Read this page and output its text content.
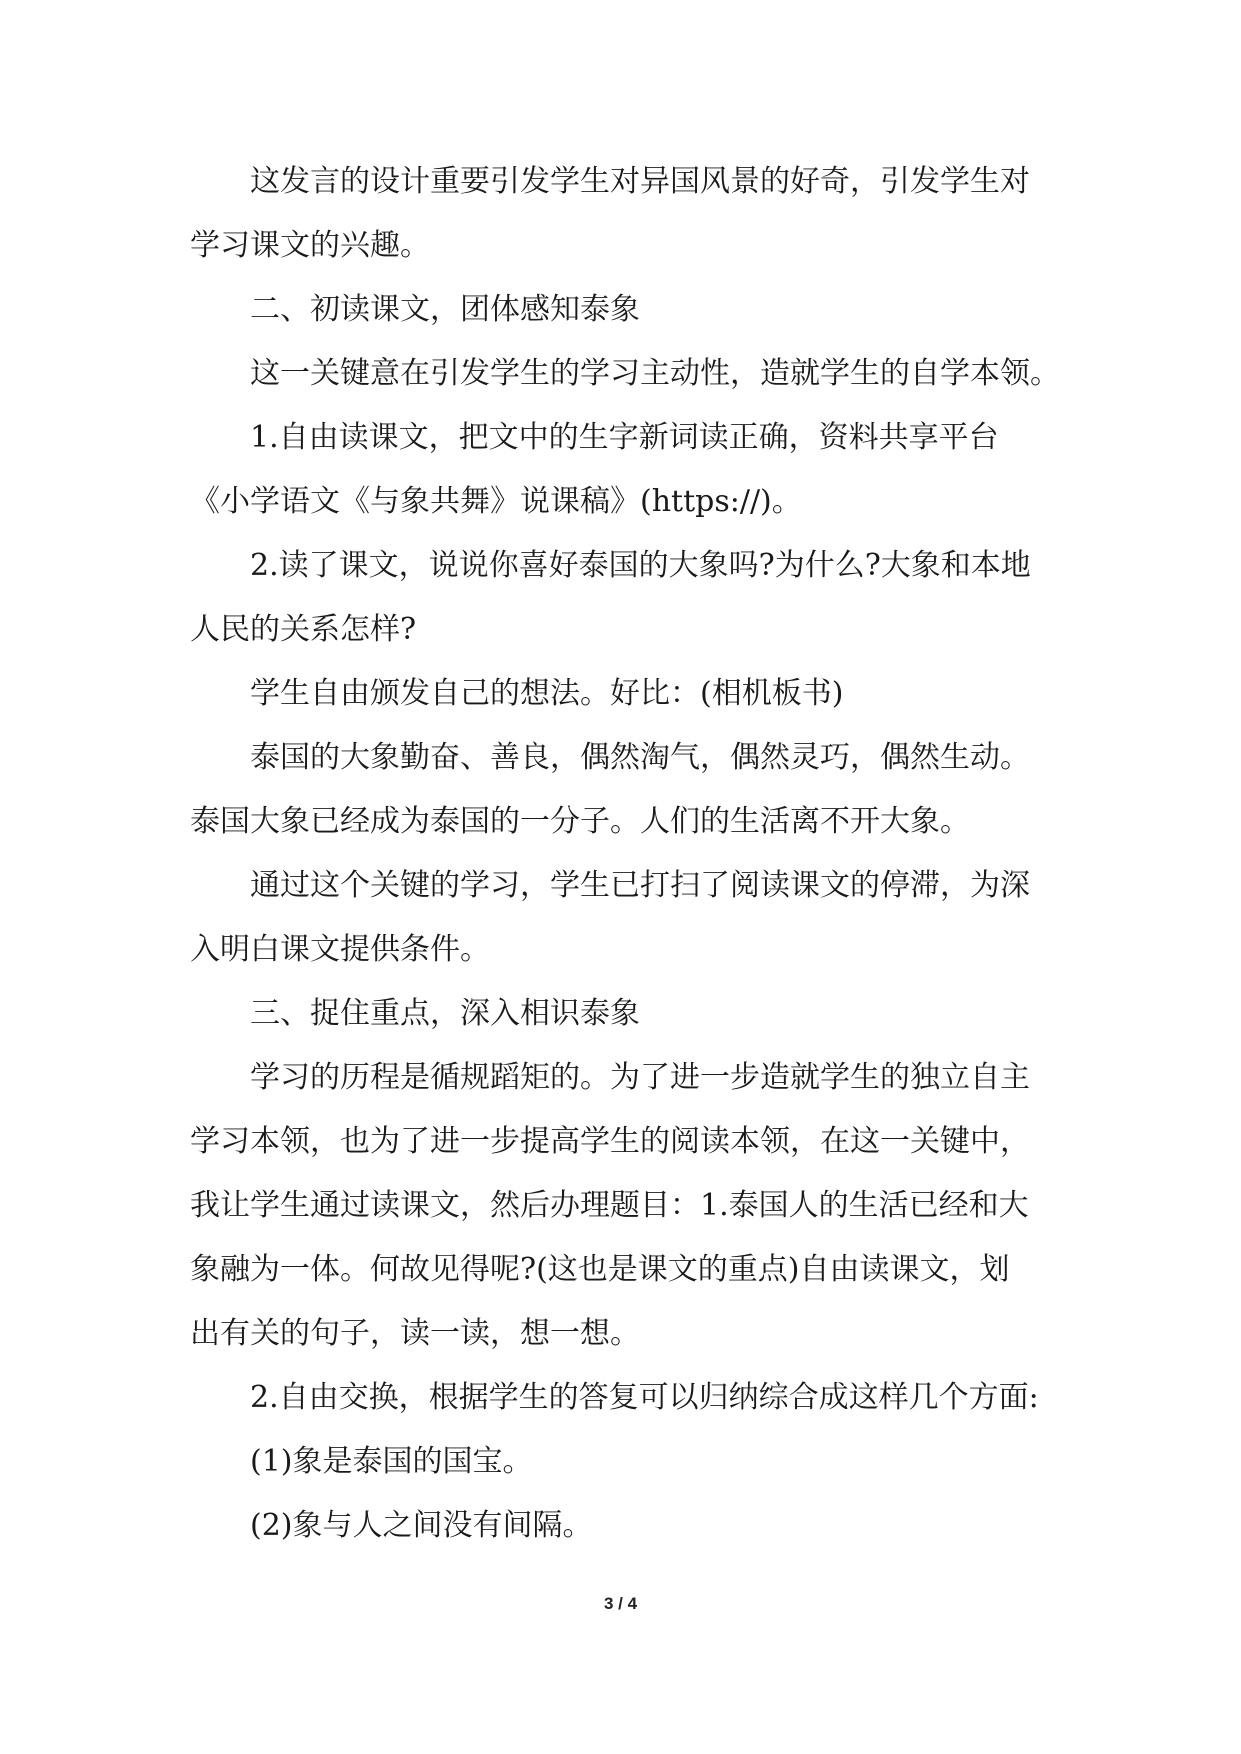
这发言的设计重要引发学生对异国风景的好奇，引发学生对

学习课文的兴趣。

二、初读课文，团体感知泰象

这一关键意在引发学生的学习主动性，造就学生的自学本领。

1.自由读课文，把文中的生字新词读正确，资料共享平台

《小学语文《与象共舞》说课稿》(https://)。

2.读了课文，说说你喜好泰国的大象吗?为什么?大象和本地

人民的关系怎样?

学生自由颁发自己的想法。好比：(相机板书)

泰国的大象勤奋、善良，偶然淘气，偶然灵巧，偶然生动。

泰国大象已经成为泰国的一分子。人们的生活离不开大象。

通过这个关键的学习，学生已打扫了阅读课文的停滞，为深

入明白课文提供条件。

三、捉住重点，深入相识泰象

学习的历程是循规蹈矩的。为了进一步造就学生的独立自主

学习本领，也为了进一步提高学生的阅读本领，在这一关键中，

我让学生通过读课文，然后办理题目：1.泰国人的生活已经和大

象融为一体。何故见得呢?(这也是课文的重点)自由读课文，划

出有关的句子，读一读，想一想。

2.自由交换，根据学生的答复可以归纳综合成这样几个方面:

(1)象是泰国的国宝。

(2)象与人之间没有间隔。

3 / 4
